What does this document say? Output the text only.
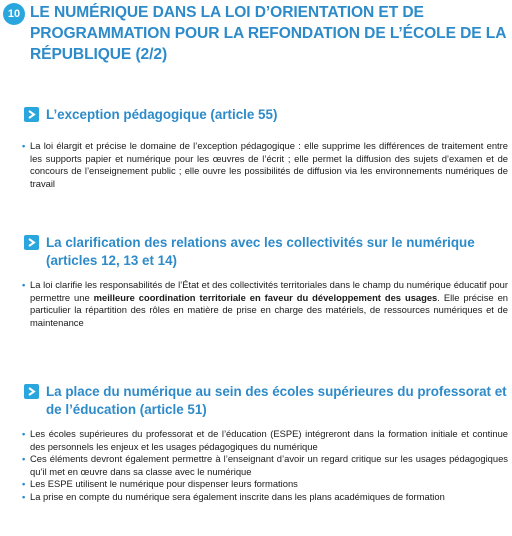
10 LE NUMÉRIQUE DANS LA LOI D’ORIENTATION ET DE PROGRAMMATION POUR LA REFONDATION DE L’ÉCOLE DE LA RÉPUBLIQUE (2/2)
L’exception pédagogique (article 55)
• La loi élargit et précise le domaine de l’exception pédagogique : elle supprime les différences de traitement entre les supports papier et numérique pour les œuvres de l’écrit ; elle permet la diffusion des sujets d’examen et de concours de l’enseignement public ; elle ouvre les possibilités de diffusion via les environnements numériques de travail
La clarification des relations avec les collectivités sur le numérique (articles 12, 13 et 14)
• La loi clarifie les responsabilités de l’État et des collectivités territoriales dans le champ du numérique éducatif pour permettre une meilleure coordination territoriale en faveur du développement des usages. Elle précise en particulier la répartition des rôles en matière de prise en charge des matériels, de ressources numériques et de maintenance
La place du numérique au sein des écoles supérieures du professorat et de l’éducation (article 51)
• Les écoles supérieures du professorat et de l’éducation (ESPE) intégreront dans la formation initiale et continue des personnels les enjeux et les usages pédagogiques du numérique
• Ces éléments devront également permettre à l’enseignant d’avoir un regard critique sur les usages pédagogiques qu’il met en œuvre dans sa classe avec le numérique
• Les ESPE utilisent le numérique pour dispenser leurs formations
• La prise en compte du numérique sera également inscrite dans les plans académiques de formation
